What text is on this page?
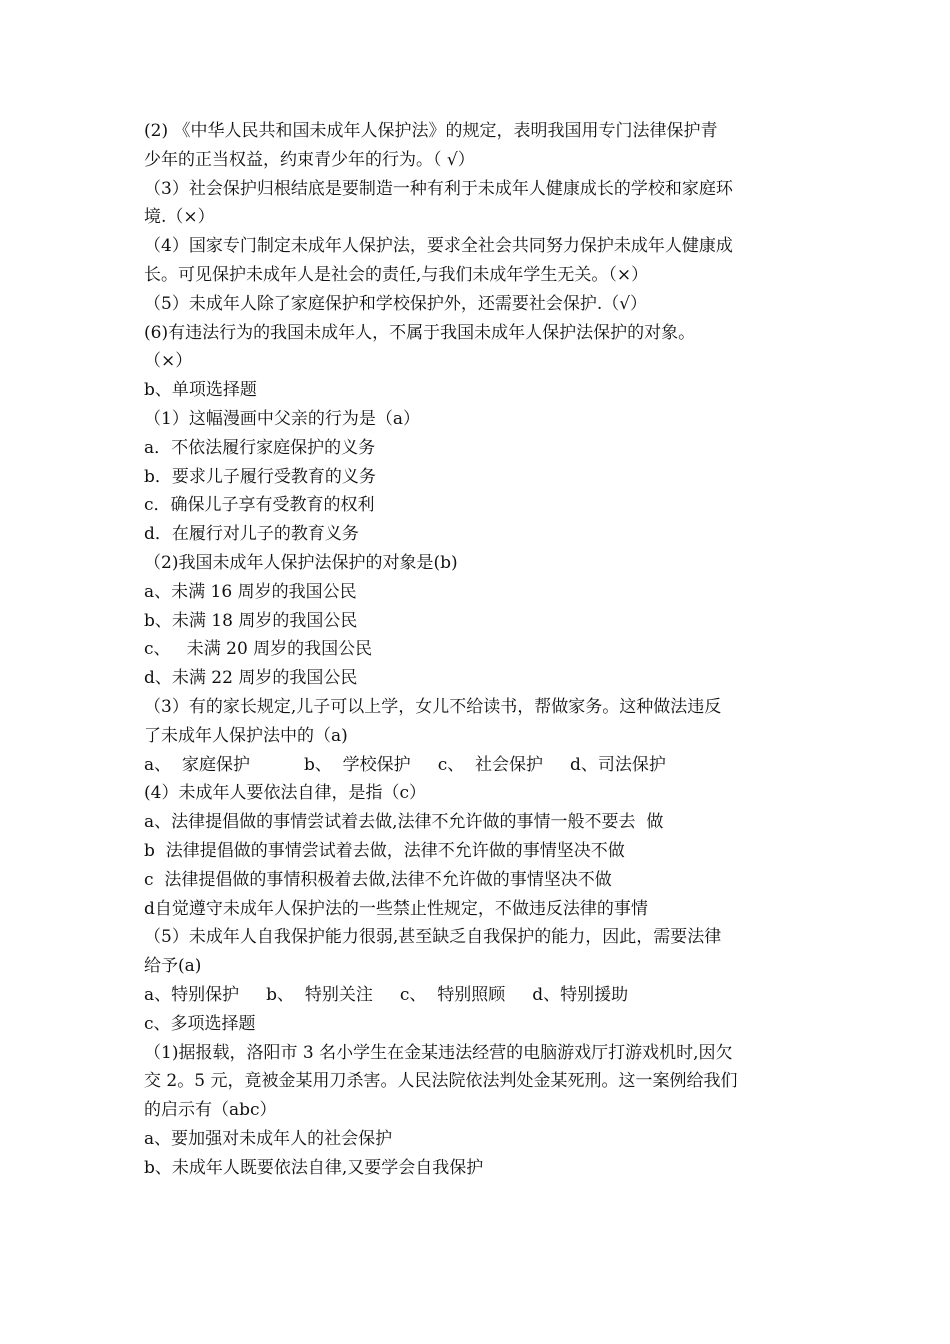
(2) 《中华人民共和国未成年人保护法》的规定，表明我国用专门法律保护青
少年的正当权益，约束青少年的行为。（ √）
（3）社会保护归根结底是要制造一种有利于未成年人健康成长的学校和家庭环
境.（×）
（4）国家专门制定未成年人保护法，要求全社会共同努力保护未成年人健康成
长。可见保护未成年人是社会的责任,与我们未成年学生无关。（×）
（5）未成年人除了家庭保护和学校保护外，还需要社会保护.（√）
(6)有违法行为的我国未成年人，不属于我国未成年人保护法保护的对象。
（×）
b、单项选择题
（1）这幅漫画中父亲的行为是（a）
a．不依法履行家庭保护的义务
b．要求儿子履行受教育的义务
c．确保儿子享有受教育的权利
d．在履行对儿子的教育义务
（2)我国未成年人保护法保护的对象是(b)
a、未满 16 周岁的我国公民
b、未满 18 周岁的我国公民
c、   未满 20 周岁的我国公民
d、未满 22 周岁的我国公民
（3）有的家长规定,儿子可以上学，女儿不给读书，帮做家务。这种做法违反
了未成年人保护法中的（a)
a、  家庭保护          b、  学校保护     c、  社会保护     d、司法保护
(4）未成年人要依法自律，是指（c）
a、法律提倡做的事情尝试着去做,法律不允许做的事情一般不要去  做
b  法律提倡做的事情尝试着去做，法律不允许做的事情坚决不做
c  法律提倡做的事情积极着去做,法律不允许做的事情坚决不做
d自觉遵守未成年人保护法的一些禁止性规定，不做违反法律的事情
（5）未成年人自我保护能力很弱,甚至缺乏自我保护的能力，因此，需要法律
给予(a)
a、特别保护     b、  特别关注     c、  特别照顾     d、特别援助
c、多项选择题
（1)据报载，洛阳市 3 名小学生在金某违法经营的电脑游戏厅打游戏机时,因欠
交 2。5 元，竟被金某用刀杀害。人民法院依法判处金某死刑。这一案例给我们
的启示有（abc）
a、要加强对未成年人的社会保护
b、未成年人既要依法自律,又要学会自我保护
